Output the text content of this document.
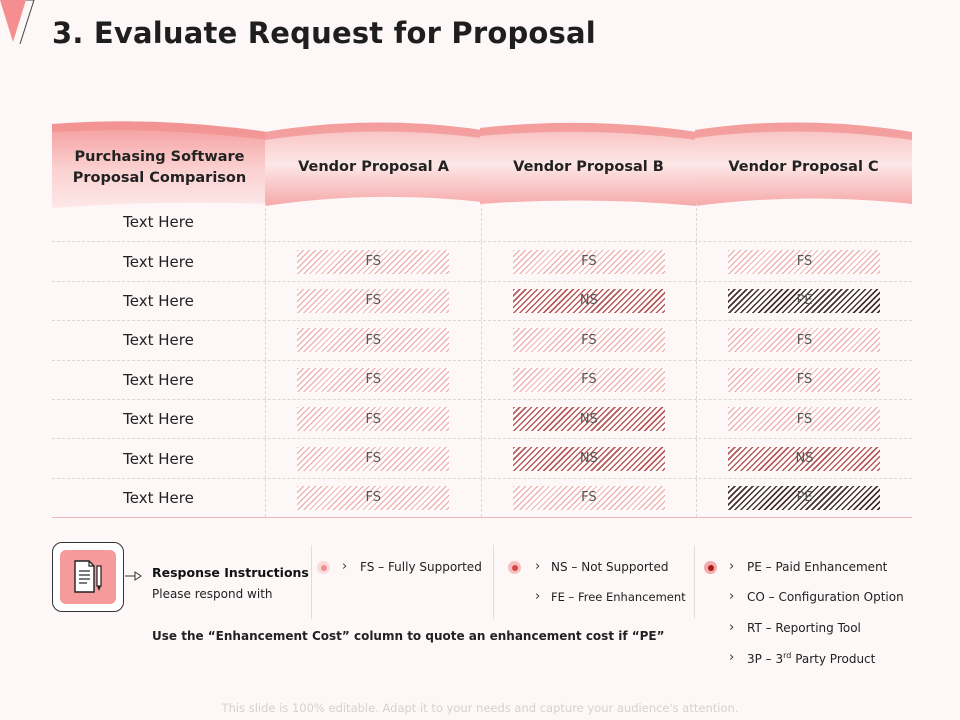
3. Evaluate Request for Proposal
Purchasing Software Proposal Comparison
Vendor Proposal A	Vendor Proposal B	Vendor Proposal C
Text Here
Text Here	FS	FS	FS
Text Here	FS	NS	PE
Text Here	FS	FS	FS
Text Here	FS	FS	FS
Text Here	FS	NS	FS
Text Here	FS	NS	NS
Text Here	FS	FS	PE
Response Instructions
Please respond with
Use the “Enhancement Cost” column to quote an enhancement cost if “PE”
› FS – Fully Supported	› NS – Not Supported
› FE – Free Enhancement
› PE – Paid Enhancement
› CO – Configuration Option
› RT – Reporting Tool
› 3P – 3rd Party Product
This slide is 100% editable. Adapt it to your needs and capture your audience's attention.
